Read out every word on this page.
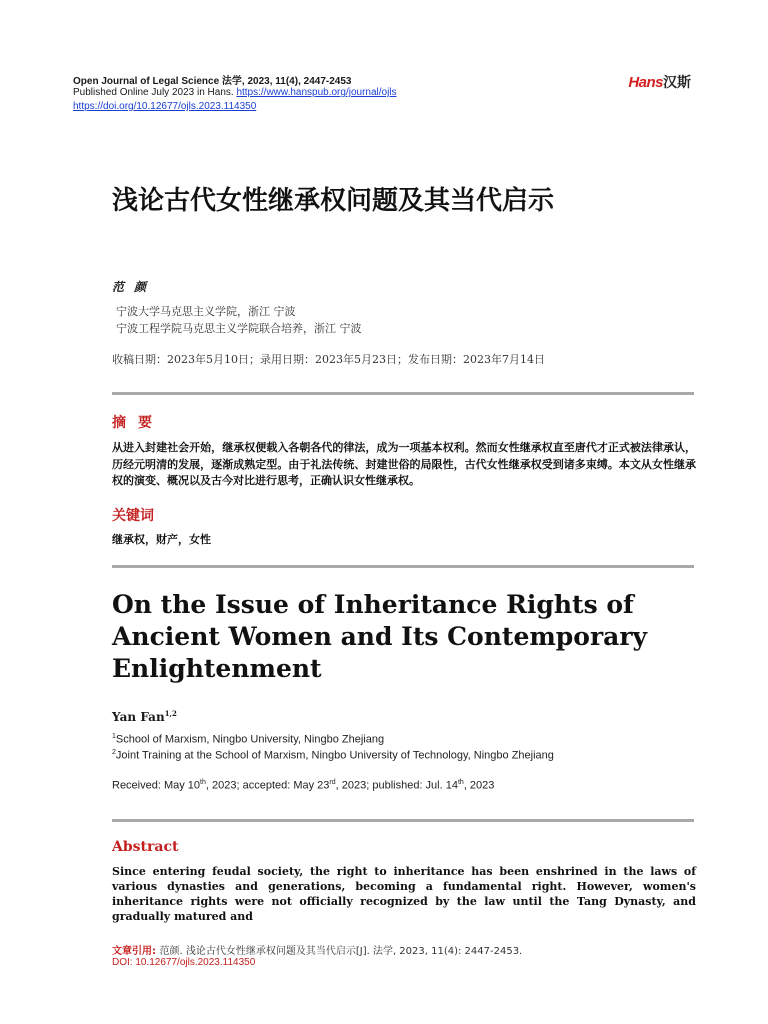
Open Journal of Legal Science 法学, 2023, 11(4), 2447-2453
Published Online July 2023 in Hans. https://www.hanspub.org/journal/ojls
https://doi.org/10.12677/ojls.2023.114350
Hans汉斯
浅论古代女性继承权问题及其当代启示
范颜
宁波大学马克思主义学院，浙江 宁波
宁波工程学院马克思主义学院联合培养，浙江 宁波
收稿日期：2023年5月10日；录用日期：2023年5月23日；发布日期：2023年7月14日
摘要
从进入封建社会开始，继承权便载入各朝各代的律法，成为一项基本权利。然而女性继承权直至唐代才正式被法律承认，历经元明清的发展，逐渐成熟定型。由于礼法传统、封建世俗的局限性，古代女性继承权受到诸多束缚。本文从女性继承权的演变、概况以及古今对比进行思考，正确认识女性继承权。
关键词
继承权，财产，女性
On the Issue of Inheritance Rights of Ancient Women and Its Contemporary Enlightenment
Yan Fan$^{1,2}$
$^1$School of Marxism, Ningbo University, Ningbo Zhejiang
$^2$Joint Training at the School of Marxism, Ningbo University of Technology, Ningbo Zhejiang
Received: May 10th, 2023; accepted: May 23rd, 2023; published: Jul. 14th, 2023
Abstract
Since entering feudal society, the right to inheritance has been enshrined in the laws of various dynasties and generations, becoming a fundamental right. However, women's inheritance rights were not officially recognized by the law until the Tang Dynasty, and gradually matured and
文章引用: 范颜. 浅论古代女性继承权问题及其当代启示[J]. 法学, 2023, 11(4): 2447-2453.
DOI: 10.12677/ojls.2023.114350
